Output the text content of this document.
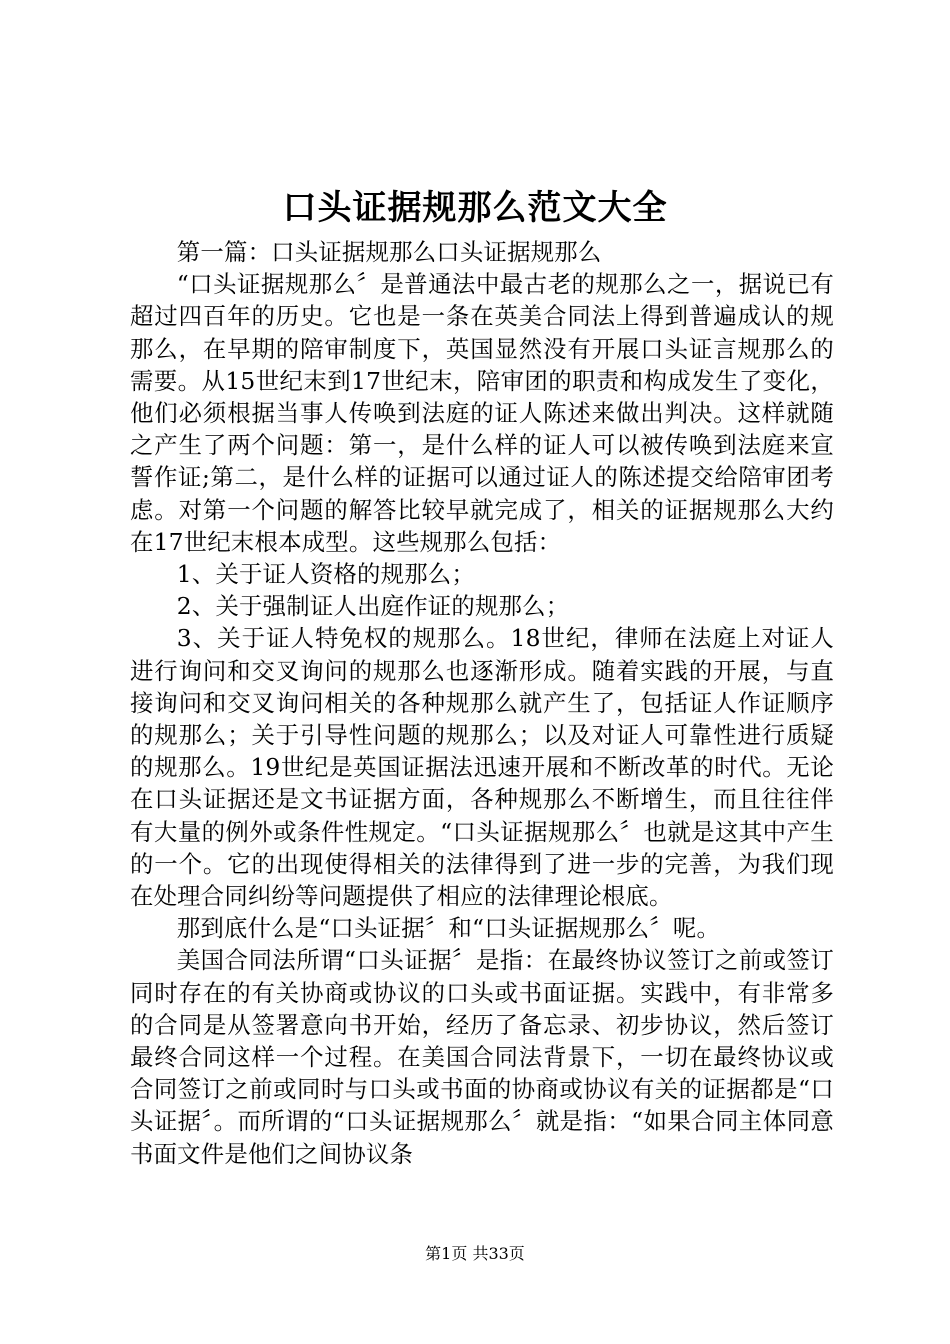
口头证据规那么范文大全

第一篇：口头证据规那么口头证据规那么

“口头证据规那么〞是普通法中最古老的规那么之一，据说已有超过四百年的历史。它也是一条在英美合同法上得到普遍成认的规那么，在早期的陪审制度下，英国显然没有开展口头证言规那么的需要。从15世纪末到17世纪末，陪审团的职责和构成发生了变化，他们必须根据当事人传唤到法庭的证人陈述来做出判决。这样就随之产生了两个问题：第一，是什么样的证人可以被传唤到法庭来宣誓作证;第二，是什么样的证据可以通过证人的陈述提交给陪审团考虑。对第一个问题的解答比较早就完成了，相关的证据规那么大约在17世纪末根本成型。这些规那么包括：

1、关于证人资格的规那么；

2、关于强制证人出庭作证的规那么；

3、关于证人特免权的规那么。18世纪，律师在法庭上对证人进行询问和交叉询问的规那么也逐渐形成。随着实践的开展，与直接询问和交叉询问相关的各种规那么就产生了，包括证人作证顺序的规那么；关于引导性问题的规那么；以及对证人可靠性进行质疑的规那么。19世纪是英国证据法迅速开展和不断改革的时代。无论在口头证据还是文书证据方面，各种规那么不断增生，而且往往伴有大量的例外或条件性规定。“口头证据规那么〞也就是这其中产生的一个。它的出现使得相关的法律得到了进一步的完善，为我们现在处理合同纠纷等问题提供了相应的法律理论根底。

那到底什么是“口头证据〞和“口头证据规那么〞呢。

美国合同法所谓“口头证据〞是指：在最终协议签订之前或签订同时存在的有关协商或协议的口头或书面证据。实践中，有非常多的合同是从签署意向书开始，经历了备忘录、初步协议，然后签订最终合同这样一个过程。在美国合同法背景下，一切在最终协议或合同签订之前或同时与口头或书面的协商或协议有关的证据都是“口头证据〞。而所谓的“口头证据规那么〞就是指：“如果合同主体同意书面文件是他们之间协议条

第1页 共33页
